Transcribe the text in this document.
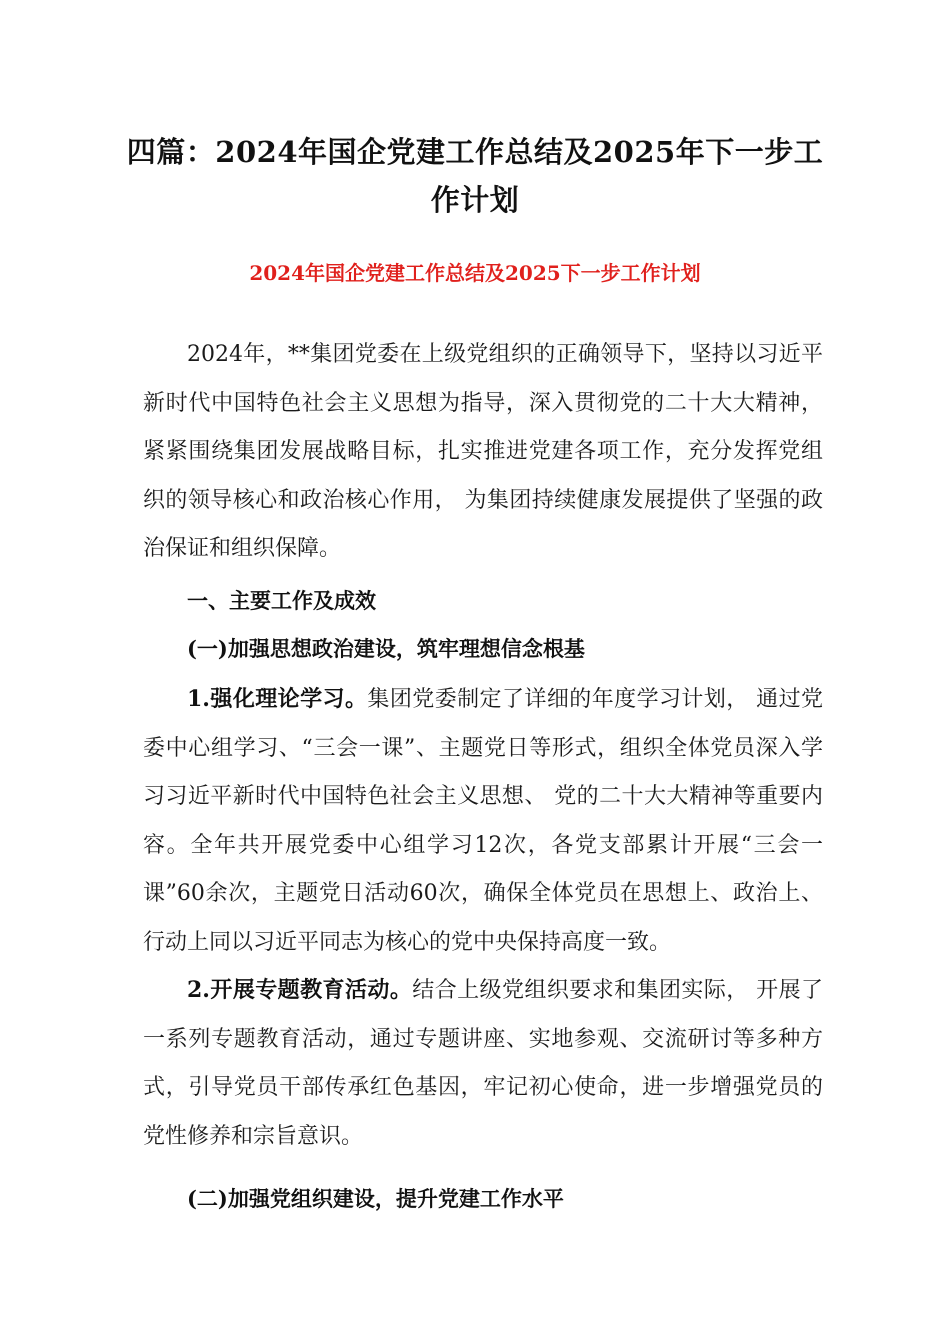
四篇：2024年国企党建工作总结及2025年下一步工
作计划
2024年国企党建工作总结及2025下一步工作计划

2024年，**集团党委在上级党组织的正确领导下，坚持以习近平新时代中国特色社会主义思想为指导，深入贯彻党的二十大大精神，紧紧围绕集团发展战略目标，扎实推进党建各项工作，充分发挥党组织的领导核心和政治核心作用， 为集团持续健康发展提供了坚强的政治保证和组织保障。

一、主要工作及成效
(一)加强思想政治建设，筑牢理想信念根基

1.强化理论学习。集团党委制定了详细的年度学习计划， 通过党委中心组学习、“三会一课”、主题党日等形式，组织全体党员深入学习习近平新时代中国特色社会主义思想、 党的二十大大精神等重要内容。全年共开展党委中心组学习12次，各党支部累计开展“三会一课”60余次，主题党日活动60次，确保全体党员在思想上、政治上、行动上同以习近平同志为核心的党中央保持高度一致。

2.开展专题教育活动。结合上级党组织要求和集团实际， 开展了一系列专题教育活动，通过专题讲座、实地参观、交流研讨等多种方式，引导党员干部传承红色基因，牢记初心使命，进一步增强党员的党性修养和宗旨意识。

(二)加强党组织建设，提升党建工作水平
